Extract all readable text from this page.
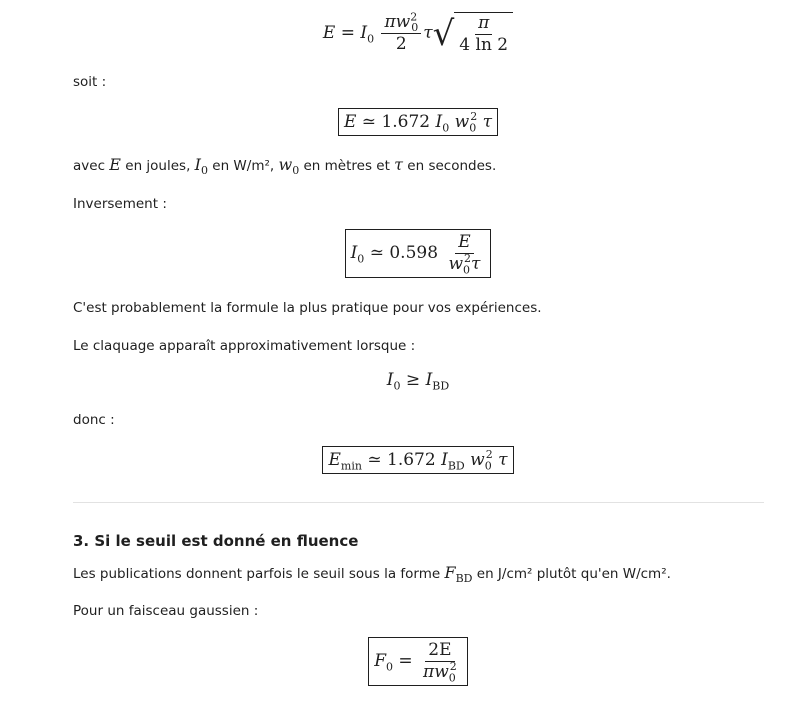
$E = I_0 \frac{\pi w^2_0}{2}$ τ √ $\frac{\pi}{4 \ln 2}$
soit :
E ≃ 1.672 $I_0$ $w_0^2$ τ
avec E en joules, $I_0$ en W/m², $w_0$ en mètres et τ en secondes.
Inversement :
$I_0$ ≃ $0.598 \frac{E}{w_0^2\tau}$
C'est probablement la formule la plus pratique pour vos expériences.
Le claquage apparaît approximativement lorsque :
$I_0 \ge I_{BD}$
donc :
$E_{min}$ ≃ 1.672 $I_{BD}$ $w_0^2$ τ
3. Si le seuil est donné en fluence
Les publications donnent parfois le seuil sous la forme $F_{BD}$ en J/cm² plutôt qu'en W/cm².
Pour un faisceau gaussien :
$F_0 = \frac{2E}{\pi w_0^2}$
